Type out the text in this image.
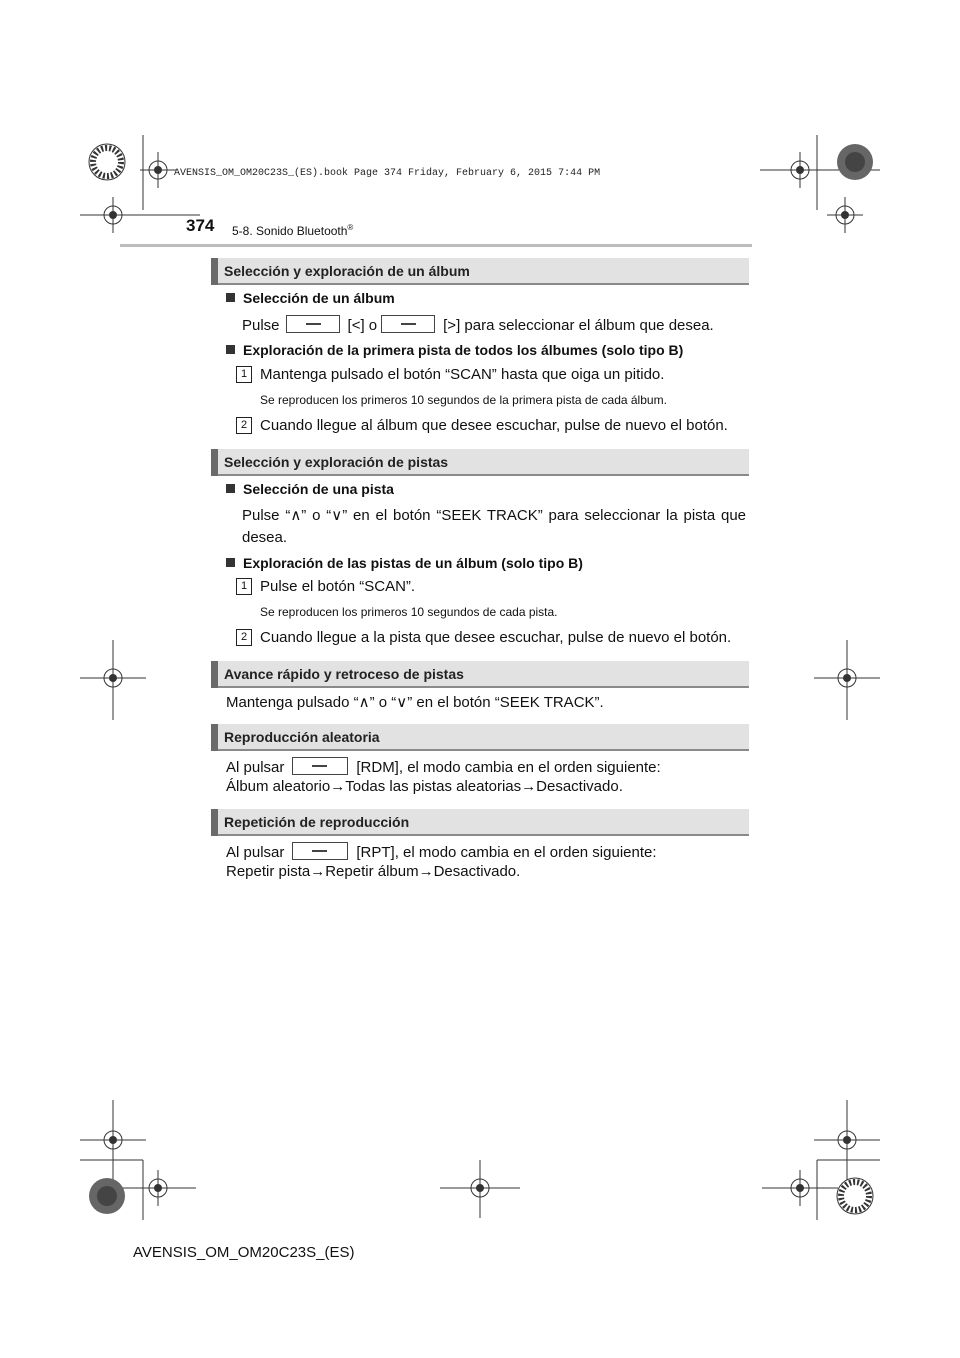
AVENSIS_OM_OM20C23S_(ES).book Page 374 Friday, February 6, 2015 7:44 PM
374 5-8. Sonido Bluetooth®
Selección y exploración de un álbum
Selección de un álbum
Pulse	[<] o	[>] para seleccionar el álbum que desea.
Exploración de la primera pista de todos los álbumes (solo tipo B)
1 Mantenga pulsado el botón “SCAN” hasta que oiga un pitido.
Se reproducen los primeros 10 segundos de la primera pista de cada álbum.
2 Cuando llegue al álbum que desee escuchar, pulse de nuevo el botón.
Selección y exploración de pistas
Selección de una pista
Pulse “∧” o “∨” en el botón “SEEK TRACK” para seleccionar la pista que desea.
Exploración de las pistas de un álbum (solo tipo B)
1 Pulse el botón “SCAN”.
Se reproducen los primeros 10 segundos de cada pista.
2 Cuando llegue a la pista que desee escuchar, pulse de nuevo el botón.
Avance rápido y retroceso de pistas
Mantenga pulsado “∧” o “∨” en el botón “SEEK TRACK”.
Reproducción aleatoria
Al pulsar	[RDM], el modo cambia en el orden siguiente:
Álbum aleatorio→Todas las pistas aleatorias→Desactivado.
Repetición de reproducción
Al pulsar	[RPT], el modo cambia en el orden siguiente:
Repetir pista→Repetir álbum→Desactivado.
AVENSIS_OM_OM20C23S_(ES)
